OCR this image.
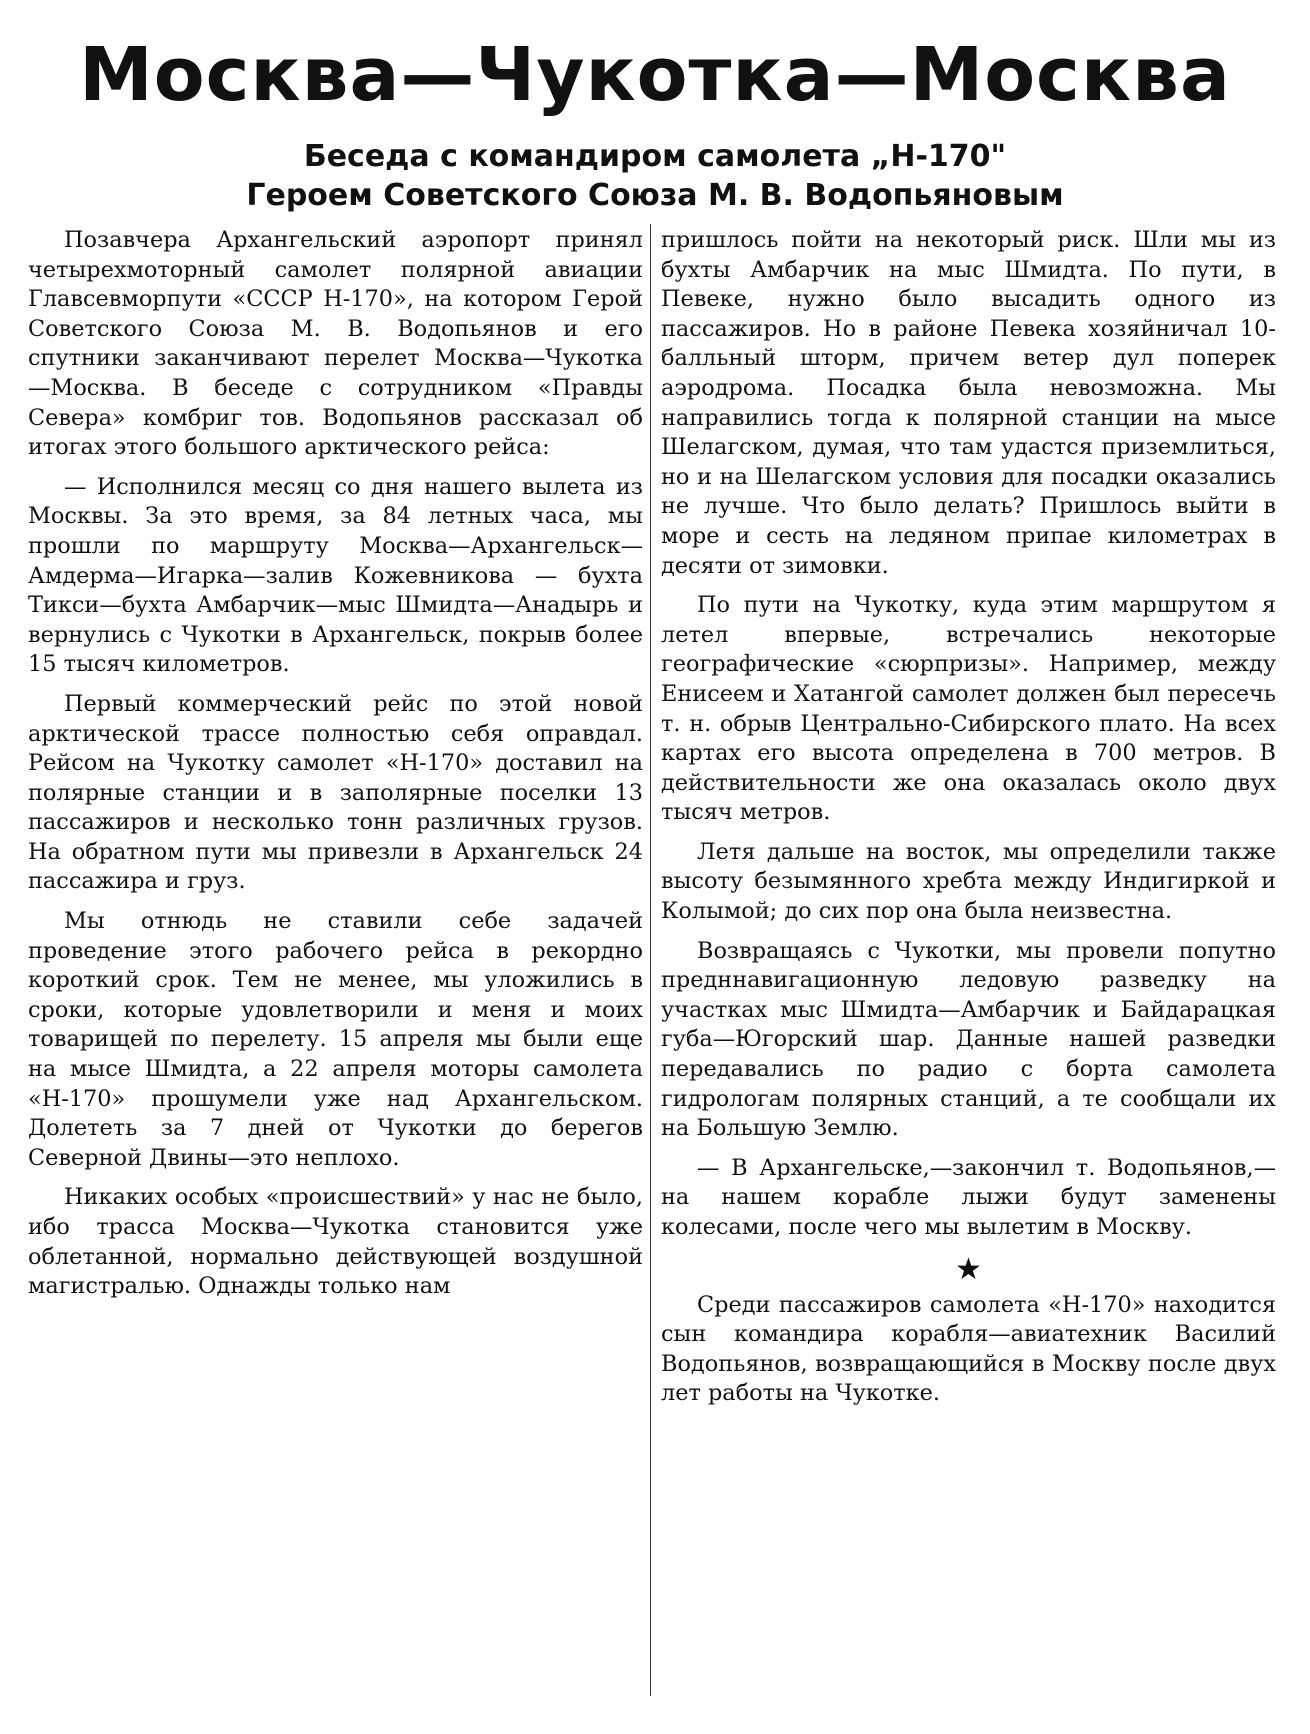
Москва—Чукотка—Москва
Беседа с командиром самолета „Н-170"
Героем Советского Союза М. В. Водопьяновым

Позавчера Архангельский аэропорт принял четырехмоторный самолет полярной авиации Главсевморпути «СССР Н-170», на котором Герой Советского Союза М. В. Водопьянов и его спутники заканчивают перелет Москва—Чукотка—Москва. В беседе с сотрудником «Правды Севера» комбриг тов. Водопьянов рассказал об итогах этого большого арктического рейса:

— Исполнился месяц со дня нашего вылета из Москвы. За это время, за 84 летных часа, мы прошли по маршруту Москва—Архангельск—Амдерма—Игарка—залив Кожевникова — бухта Тикси—бухта Амбарчик—мыс Шмидта—Анадырь и вернулись с Чукотки в Архангельск, покрыв более 15 тысяч километров.

Первый коммерческий рейс по этой новой арктической трассе полностью себя оправдал. Рейсом на Чукотку самолет «Н-170» доставил на полярные станции и в заполярные поселки 13 пассажиров и несколько тонн различных грузов. На обратном пути мы привезли в Архангельск 24 пассажира и груз.

Мы отнюдь не ставили себе задачей проведение этого рабочего рейса в рекордно короткий срок. Тем не менее, мы уложились в сроки, которые удовлетворили и меня и моих товарищей по перелету. 15 апреля мы были еще на мысе Шмидта, а 22 апреля моторы самолета «Н-170» прошумели уже над Архангельском. Долететь за 7 дней от Чукотки до берегов Северной Двины—это неплохо.

Никаких особых «происшествий» у нас не было, ибо трасса Москва—Чукотка становится уже облетанной, нормально действующей воздушной магистралью. Однажды только нам

пришлось пойти на некоторый риск. Шли мы из бухты Амбарчик на мыс Шмидта. По пути, в Певеке, нужно было высадить одного из пассажиров. Но в районе Певека хозяйничал 10-балльный шторм, причем ветер дул поперек аэродрома. Посадка была невозможна. Мы направились тогда к полярной станции на мысе Шелагском, думая, что там удастся приземлиться, но и на Шелагском условия для посадки оказались не лучше. Что было делать? Пришлось выйти в море и сесть на ледяном припае километрах в десяти от зимовки.

По пути на Чукотку, куда этим маршрутом я летел впервые, встречались некоторые географические «сюрпризы». Например, между Енисеем и Хатангой самолет должен был пересечь т. н. обрыв Центрально-Сибирского плато. На всех картах его высота определена в 700 метров. В действительности же она оказалась около двух тысяч метров.

Летя дальше на восток, мы определили также высоту безымянного хребта между Индигиркой и Колымой; до сих пор она была неизвестна.

Возвращаясь с Чукотки, мы провели попутно предннавигационную ледовую разведку на участках мыс Шмидта—Амбарчик и Байдарацкая губа—Югорский шар. Данные нашей разведки передавались по радио с борта самолета гидрологам полярных станций, а те сообщали их на Большую Землю.

— В Архангельске,—закончил т. Водопьянов,—на нашем корабле лыжи будут заменены колесами, после чего мы вылетим в Москву.

★

Среди пассажиров самолета «Н-170» находится сын командира корабля—авиатехник Василий Водопьянов, возвращающийся в Москву после двух лет работы на Чукотке.
